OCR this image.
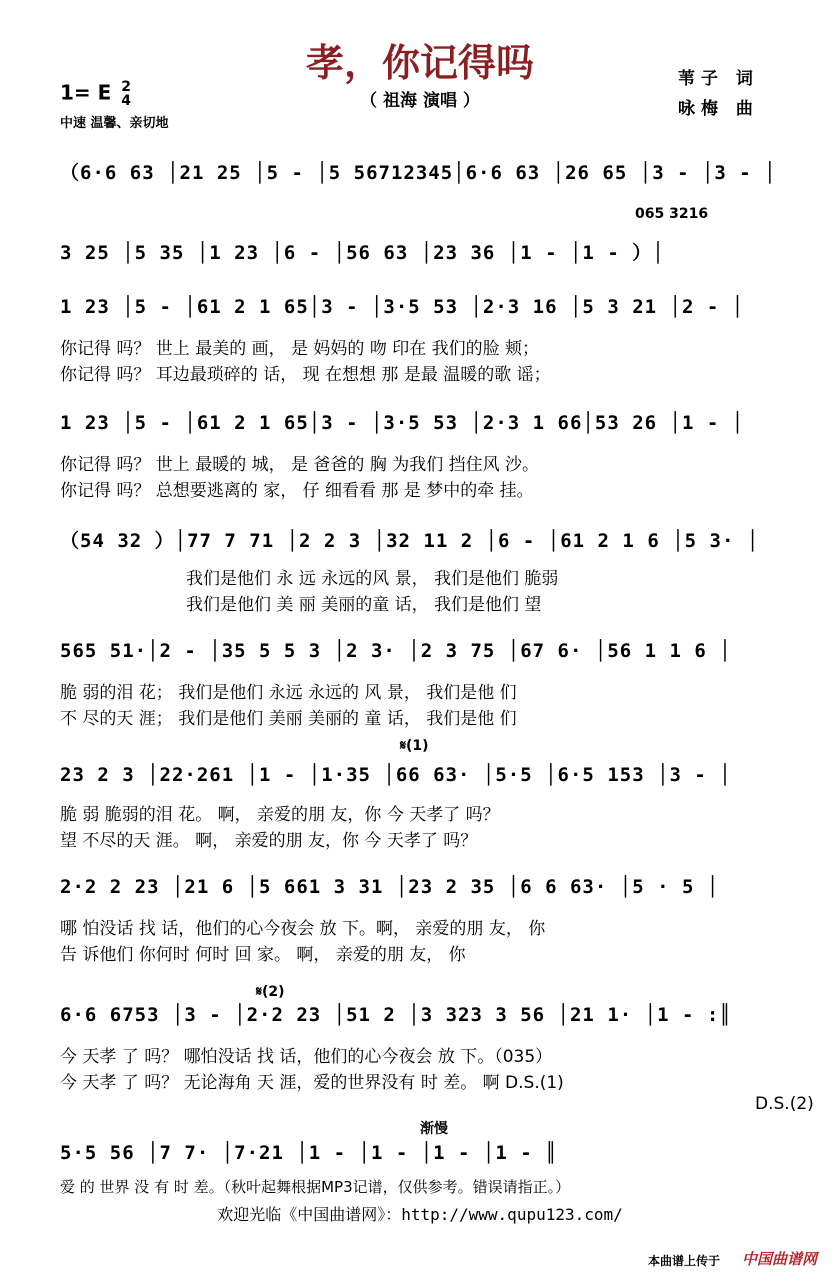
孝，你记得吗
（ 祖海 演唱 ）
1= E 2
4
中速 温馨、亲切地
苇子 词
咏梅 曲
（6·6 63 │21 25 │5 - │5 56712345│6·6 63 │26 65 │3 - │3 - │
065 3216
3 25 │5 35 │1 23 │6 - │56 63 │23 36 │1 - │1 - ）│
1 23 │5 - │61 2 1 65│3 - │3·5 53 │2·3 16 │5 3 21 │2 - │
你记得 吗？ 世上 最美的 画， 是 妈妈的 吻 印在 我们的脸 颊；
你记得 吗？ 耳边最琐碎的 话， 现 在想想 那 是最 温暖的歌 谣；
1 23 │5 - │61 2 1 65│3 - │3·5 53 │2·3 1 66│53 26 │1 - │
你记得 吗？ 世上 最暖的 城， 是 爸爸的 胸 为我们 挡住风 沙。
你记得 吗？ 总想要逃离的 家， 仔 细看看 那 是 梦中的牵 挂。
（54 32 ）│77 7 71 │2 2 3 │32 11 2 │6 - │61 2 1 6 │5 3· │
我们是他们 永 远 永远的风 景， 我们是他们 脆弱
我们是他们 美 丽 美丽的童 话， 我们是他们 望
565 51·│2 - │35 5 5 3 │2 3· │2 3 75 │67 6· │56 1 1 6 │
脆 弱的泪 花； 我们是他们 永远 永远的 风 景， 我们是他 们
不 尽的天 涯； 我们是他们 美丽 美丽的 童 话， 我们是他 们
𝄋(1)
23 2 3 │22·261 │1 - │1·35 │66 63· │5·5 │6·5 153 │3 - │
脆 弱 脆弱的泪 花。 啊， 亲爱的朋 友，你 今 天孝了 吗？
望 不尽的天 涯。 啊， 亲爱的朋 友，你 今 天孝了 吗？
2·2 2 23 │21 6 │5 661 3 31 │23 2 35 │6 6 63· │5 · 5 │
哪 怕没话 找 话，他们的心今夜会 放 下。啊， 亲爱的朋 友， 你
告 诉他们 你何时 何时 回 家。 啊， 亲爱的朋 友， 你
𝄋(2)
6·6 6753 │3 - │2·2 23 │51 2 │3 323 3 56 │21 1· │1 - :║
今 天孝 了 吗？ 哪怕没话 找 话，他们的心今夜会 放 下。（035）
今 天孝 了 吗？ 无论海角 天 涯，爱的世界没有 时 差。 啊 D.S.(1)
D.S.(2)
渐慢
5·5 56 │7 7· │7·21 │1 - │1 - │1 - │1 - ║
爱 的 世界 没 有 时 差。（秋叶起舞根据MP3记谱，仅供参考。错误请指正。）
欢迎光临《中国曲谱网》：http://www.qupu123.com/
本曲谱上传于 中国曲谱网
